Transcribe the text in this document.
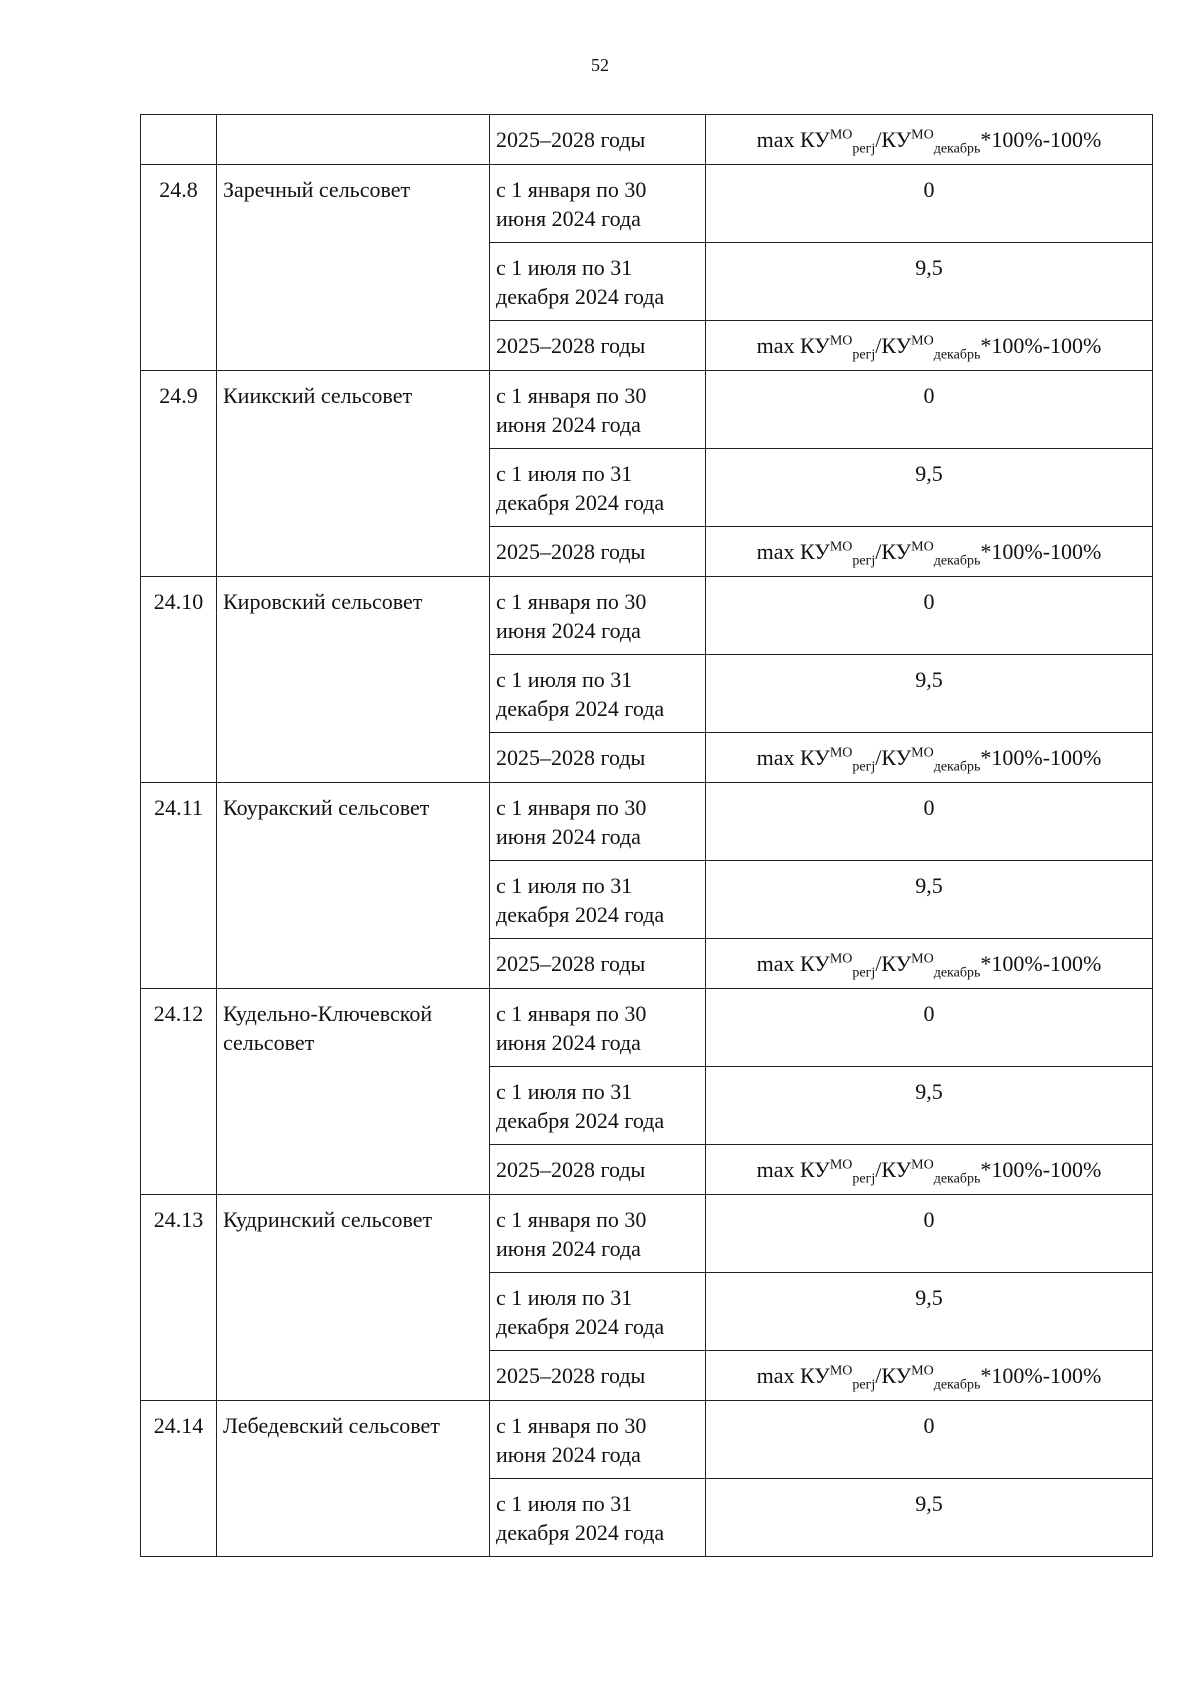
52
		2025–2028 годы	$\max КУ^{МО}_{регj}/КУ^{МО}_{декабрь}*100\%-100\%$
24.8	Заречный сельсовет	с 1 января по 30 июня 2024 года	0
		с 1 июля по 31 декабря 2024 года	9,5
		2025–2028 годы	$\max КУ^{МО}_{регj}/КУ^{МО}_{декабрь}*100\%-100\%$
24.9	Киикский сельсовет	с 1 января по 30 июня 2024 года	0
		с 1 июля по 31 декабря 2024 года	9,5
		2025–2028 годы	$\max КУ^{МО}_{регj}/КУ^{МО}_{декабрь}*100\%-100\%$
24.10	Кировский сельсовет	с 1 января по 30 июня 2024 года	0
		с 1 июля по 31 декабря 2024 года	9,5
		2025–2028 годы	$\max КУ^{МО}_{регj}/КУ^{МО}_{декабрь}*100\%-100\%$
24.11	Коуракский сельсовет	с 1 января по 30 июня 2024 года	0
		с 1 июля по 31 декабря 2024 года	9,5
		2025–2028 годы	$\max КУ^{МО}_{регj}/КУ^{МО}_{декабрь}*100\%-100\%$
24.12	Кудельно-Ключевской сельсовет	с 1 января по 30 июня 2024 года	0
		с 1 июля по 31 декабря 2024 года	9,5
		2025–2028 годы	$\max КУ^{МО}_{регj}/КУ^{МО}_{декабрь}*100\%-100\%$
24.13	Кудринский сельсовет	с 1 января по 30 июня 2024 года	0
		с 1 июля по 31 декабря 2024 года	9,5
		2025–2028 годы	$\max КУ^{МО}_{регj}/КУ^{МО}_{декабрь}*100\%-100\%$
24.14	Лебедевский сельсовет	с 1 января по 30 июня 2024 года	0
		с 1 июля по 31 декабря 2024 года	9,5
